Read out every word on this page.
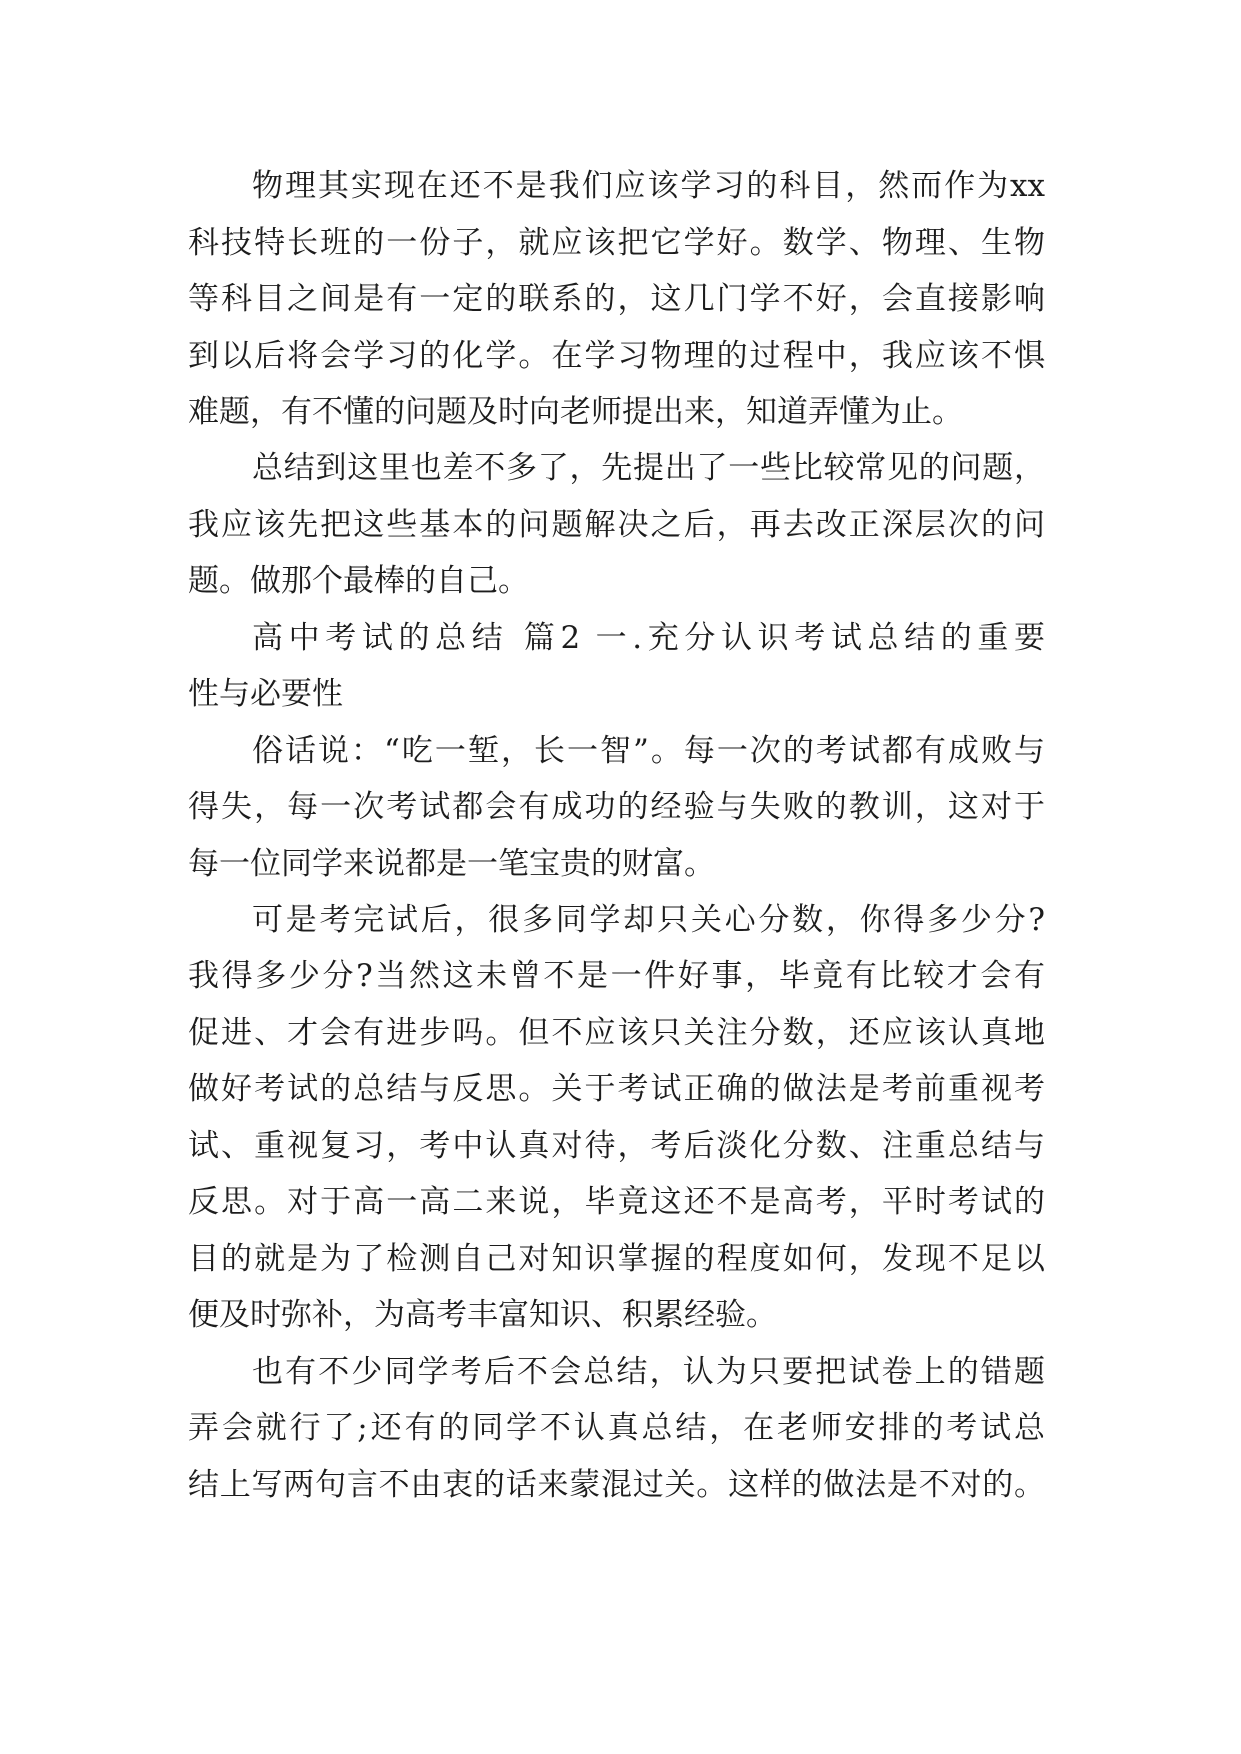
物理其实现在还不是我们应该学习的科目，然而作为xx
科技特长班的一份子，就应该把它学好。数学、物理、生物
等科目之间是有一定的联系的，这几门学不好，会直接影响
到以后将会学习的化学。在学习物理的过程中，我应该不惧
难题，有不懂的问题及时向老师提出来，知道弄懂为止。
总结到这里也差不多了，先提出了一些比较常见的问题，
我应该先把这些基本的问题解决之后，再去改正深层次的问
题。做那个最棒的自己。
高中考试的总结 篇2 一.充分认识考试总结的重要
性与必要性
俗话说：“吃一堑，长一智”。每一次的考试都有成败与
得失，每一次考试都会有成功的经验与失败的教训，这对于
每一位同学来说都是一笔宝贵的财富。
可是考完试后，很多同学却只关心分数，你得多少分?
我得多少分?当然这未曾不是一件好事，毕竟有比较才会有
促进、才会有进步吗。但不应该只关注分数，还应该认真地
做好考试的总结与反思。关于考试正确的做法是考前重视考
试、重视复习，考中认真对待，考后淡化分数、注重总结与
反思。对于高一高二来说，毕竟这还不是高考，平时考试的
目的就是为了检测自己对知识掌握的程度如何，发现不足以
便及时弥补，为高考丰富知识、积累经验。
也有不少同学考后不会总结，认为只要把试卷上的错题
弄会就行了;还有的同学不认真总结，在老师安排的考试总
结上写两句言不由衷的话来蒙混过关。这样的做法是不对的。
